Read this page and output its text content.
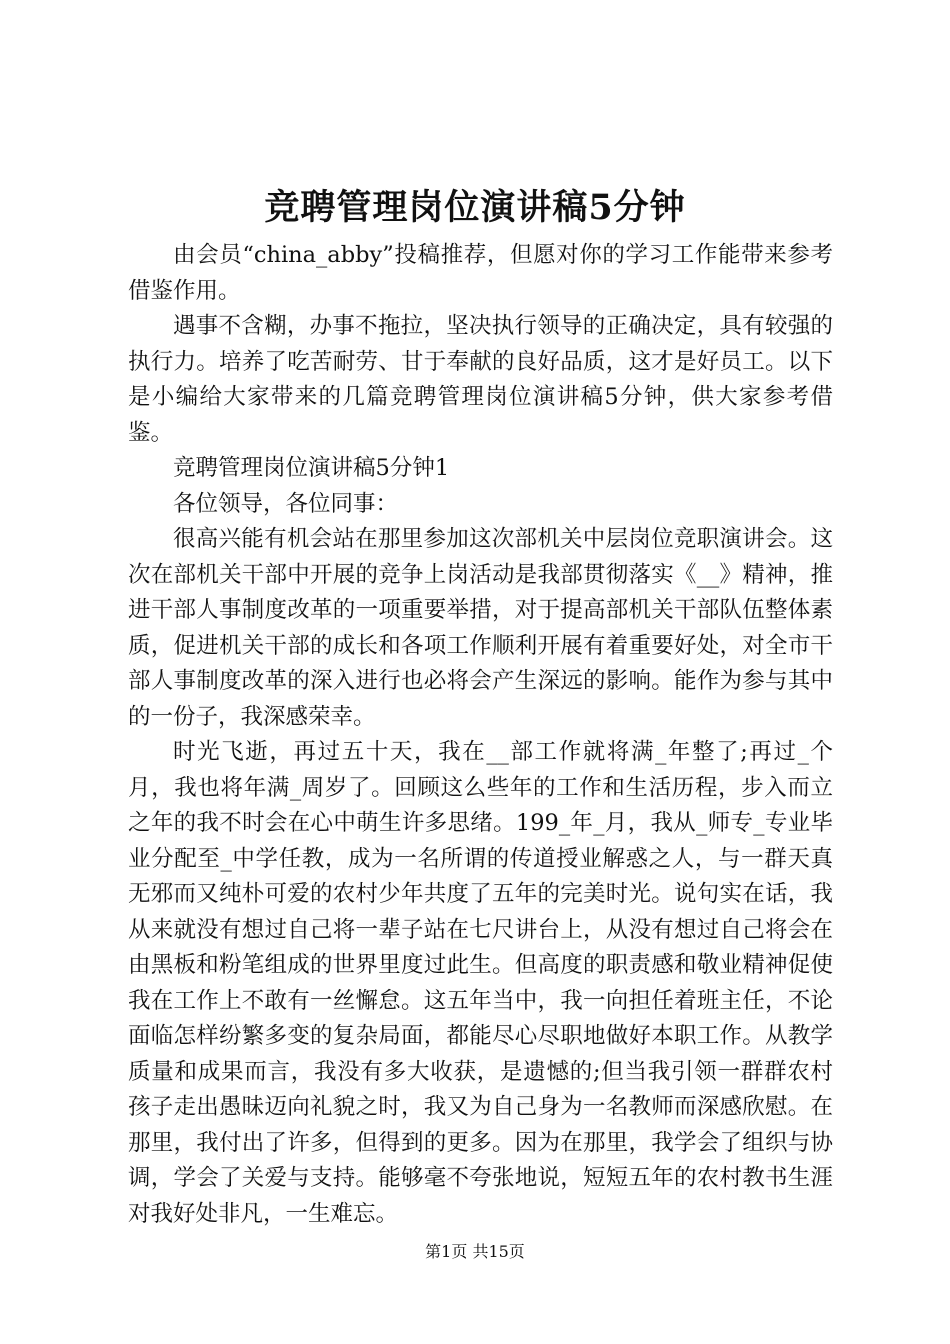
竞聘管理岗位演讲稿5分钟

由会员“china_abby”投稿推荐，但愿对你的学习工作能带来参考借鉴作用。

遇事不含糊，办事不拖拉，坚决执行领导的正确决定，具有较强的执行力。培养了吃苦耐劳、甘于奉献的良好品质，这才是好员工。以下是小编给大家带来的几篇竞聘管理岗位演讲稿5分钟，供大家参考借鉴。

竞聘管理岗位演讲稿5分钟1

各位领导，各位同事：

很高兴能有机会站在那里参加这次部机关中层岗位竞职演讲会。这次在部机关干部中开展的竞争上岗活动是我部贯彻落实《__》精神，推进干部人事制度改革的一项重要举措，对于提高部机关干部队伍整体素质，促进机关干部的成长和各项工作顺利开展有着重要好处，对全市干部人事制度改革的深入进行也必将会产生深远的影响。能作为参与其中的一份子，我深感荣幸。

时光飞逝，再过五十天，我在__部工作就将满_年整了;再过_个月，我也将年满_周岁了。回顾这么些年的工作和生活历程，步入而立之年的我不时会在心中萌生许多思绪。199_年_月，我从_师专_专业毕业分配至_中学任教，成为一名所谓的传道授业解惑之人，与一群天真无邪而又纯朴可爱的农村少年共度了五年的完美时光。说句实在话，我从来就没有想过自己将一辈子站在七尺讲台上，从没有想过自己将会在由黑板和粉笔组成的世界里度过此生。但高度的职责感和敬业精神促使我在工作上不敢有一丝懈怠。这五年当中，我一向担任着班主任，不论面临怎样纷繁多变的复杂局面，都能尽心尽职地做好本职工作。从教学质量和成果而言，我没有多大收获，是遗憾的;但当我引领一群群农村孩子走出愚昧迈向礼貌之时，我又为自己身为一名教师而深感欣慰。在那里，我付出了许多，但得到的更多。因为在那里，我学会了组织与协调，学会了关爱与支持。能够毫不夸张地说，短短五年的农村教书生涯对我好处非凡，一生难忘。

第1页 共15页
